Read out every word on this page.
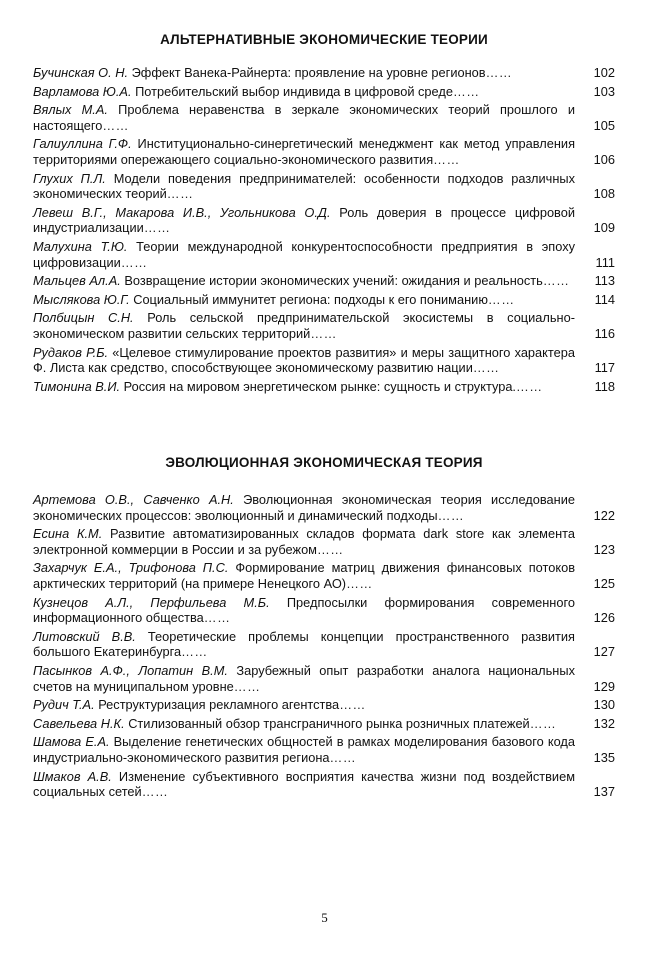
АЛЬТЕРНАТИВНЫЕ ЭКОНОМИЧЕСКИЕ ТЕОРИИ
Бучинская О. Н. Эффект Ванека-Райнерта: проявление на уровне регионов……	102
Варламова Ю.А. Потребительский выбор индивида в цифровой среде……	103
Вялых М.А. Проблема неравенства в зеркале экономических теорий прошлого и настоящего……	105
Галиуллина Г.Ф. Институционально-синергетический менеджмент как метод управления территориями опережающего социально-экономического развития……	106
Глухих П.Л. Модели поведения предпринимателей: особенности подходов различных экономических теорий……	108
Левеш В.Г., Макарова И.В., Угольникова О.Д. Роль доверия в процессе цифровой индустриализации……	109
Малухина Т.Ю. Теории международной конкурентоспособности предприятия в эпоху цифровизации……	111
Мальцев Ал.А. Возвращение истории экономических учений: ожидания и реальность……	113
Мыслякова Ю.Г. Социальный иммунитет региона: подходы к его пониманию……	114
Полбицын С.Н. Роль сельской предпринимательской экосистемы в социально-экономическом развитии сельских территорий……	116
Рудаков Р.Б. «Целевое стимулирование проектов развития» и меры защитного характера Ф. Листа как средство, способствующее экономическому развитию нации……	117
Тимонина В.И. Россия на мировом энергетическом рынке: сущность и структура.……	118
ЭВОЛЮЦИОННАЯ ЭКОНОМИЧЕСКАЯ ТЕОРИЯ
Артемова О.В., Савченко А.Н. Эволюционная экономическая теория исследование экономических процессов: эволюционный и динамический подходы……	122
Есина К.М. Развитие автоматизированных складов формата dark store как элемента электронной коммерции в России и за рубежом……	123
Захарчук Е.А., Трифонова П.С. Формирование матриц движения финансовых потоков арктических территорий (на примере Ненецкого АО)……	125
Кузнецов А.Л., Перфильева М.Б. Предпосылки формирования современного информационного общества……	126
Литовский В.В. Теоретические проблемы концепции пространственного развития большого Екатеринбурга……	127
Пасынков А.Ф., Лопатин В.М. Зарубежный опыт разработки аналога национальных счетов на муниципальном уровне……	129
Рудич Т.А. Реструктуризация рекламного агентства……	130
Савельева Н.К. Стилизованный обзор трансграничного рынка розничных платежей……	132
Шамова Е.А. Выделение генетических общностей в рамках моделирования базового кода индустриально-экономического развития региона……	135
Шмаков А.В. Изменение субъективного восприятия качества жизни под воздействием социальных сетей……	137
5
